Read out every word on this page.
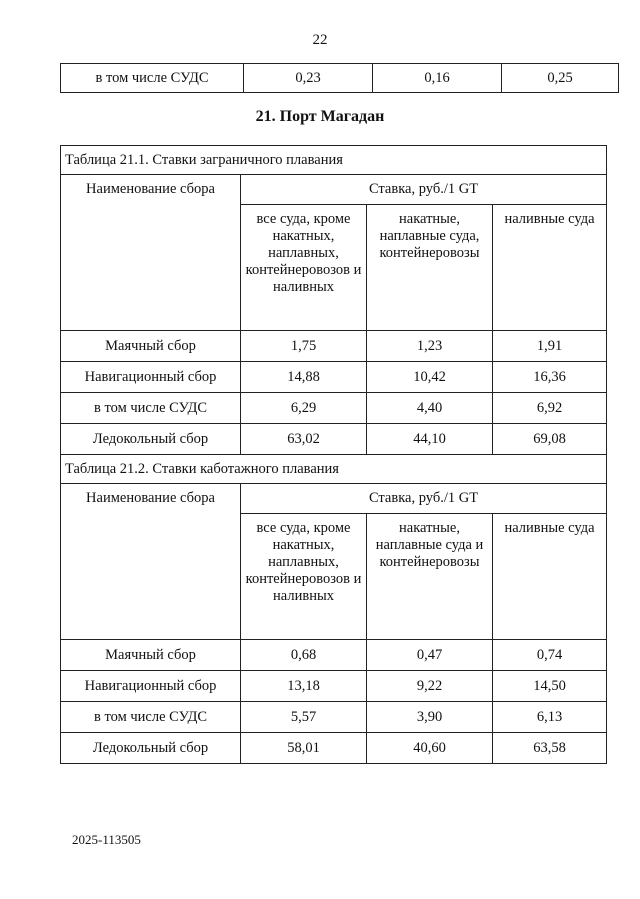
22
в том числе СУДС	0,23	0,16	0,25
21. Порт Магадан
Таблица 21.1. Ставки заграничного плавания			
Наименование сбора	Ставка, руб./1 GT		
	все суда, кроме накатных, наплавных, контейнеровозов и наливных	накатные, наплавные суда, контейнеровозы	наливные суда
Маячный сбор	1,75	1,23	1,91
Навигационный сбор	14,88	10,42	16,36
в том числе СУДС	6,29	4,40	6,92
Ледокольный сбор	63,02	44,10	69,08
Таблица 21.2. Ставки каботажного плавания			
Наименование сбора	Ставка, руб./1 GT		
	все суда, кроме накатных, наплавных, контейнеровозов и наливных	накатные, наплавные суда и контейнеровозы	наливные суда
Маячный сбор	0,68	0,47	0,74
Навигационный сбор	13,18	9,22	14,50
в том числе СУДС	5,57	3,90	6,13
Ледокольный сбор	58,01	40,60	63,58
2025-113505
